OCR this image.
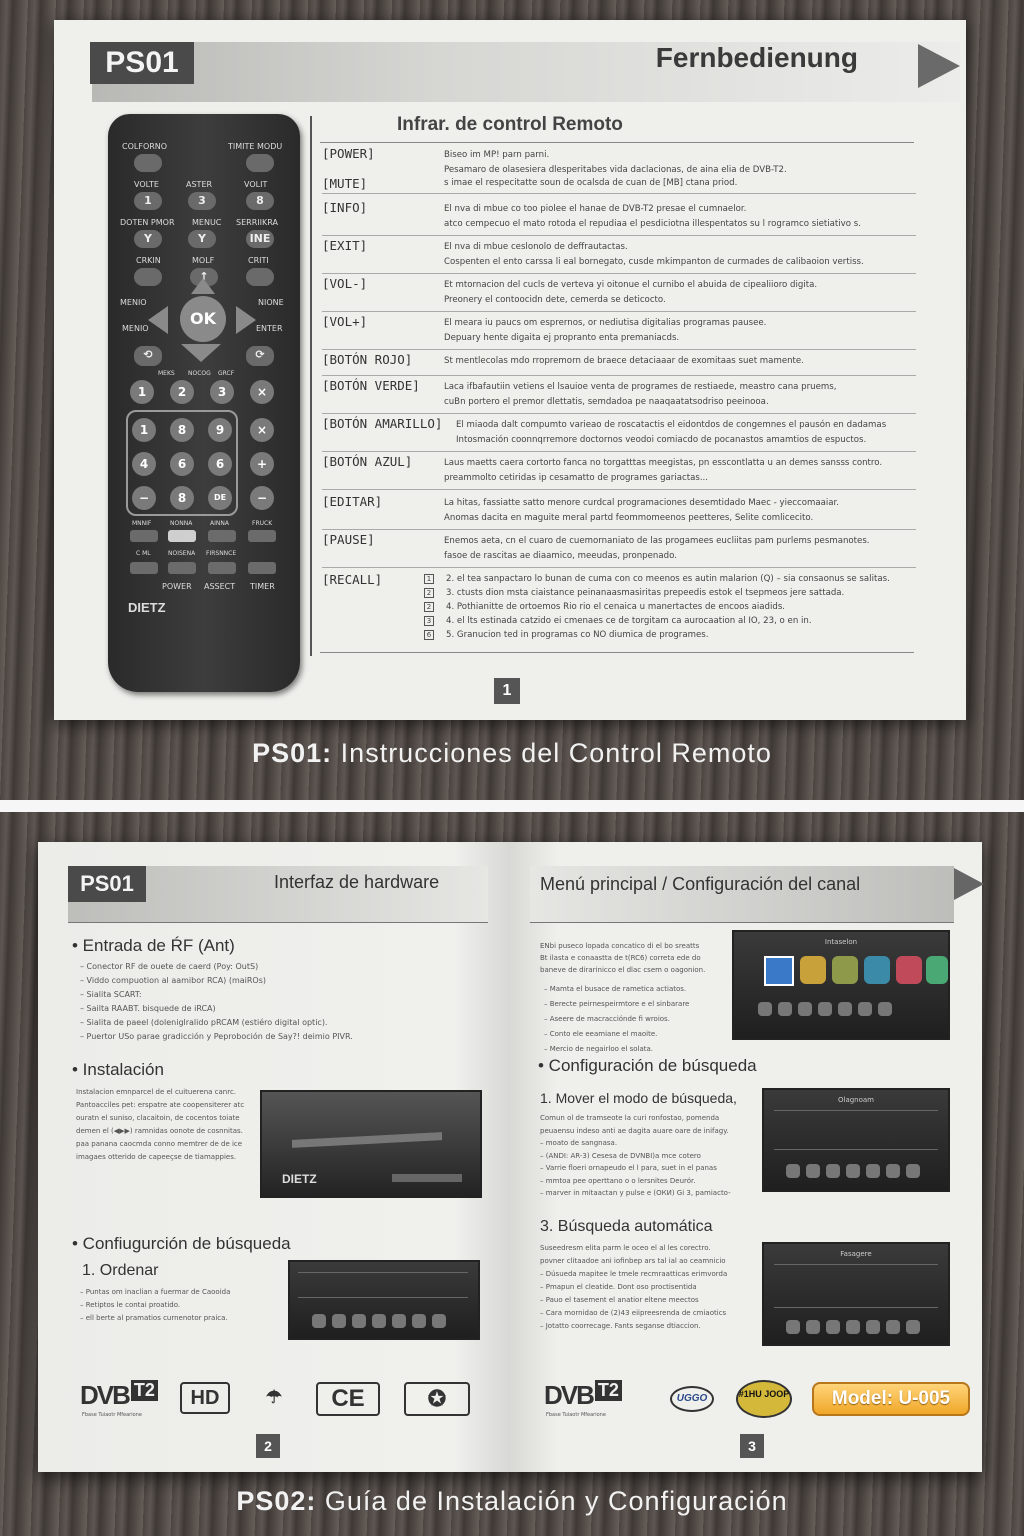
PS01	Fernbedienung
COLFORNO	TIMITE MODU
VOLTE	ASTER	VOLIT
1	3	8
DOTEN PMOR MENUC SERRIIKRA
Y	Y	INE
CRKIN	MOLF	CRITI
↑
MENIO	NIONE
MENIO	ENTER
OK
⟲	⟳
MEKS NOCOG GRCF
1	2	3	×
1	8	9	×
4	6	6	+
−	8	DE	−
MNNIF	NONNA	AINNA	FRUCK
C ML	NOISENA FIRSNNCE
POWER ASSECT TIMER
DIETZ
Infrar. de control Remoto
[POWER]	Biseo im MP! parn parni.
Pesamaro de olasesiera dlesperitabes vida daclacionas, de aina elia de DVB-T2.
[MUTE]	s imae el respecitatte soun de ocalsda de cuan de [MB] ctana priod.
[INFO]	El nva di mbue co too piolee el hanae de DVB-T2 presae el cumnaelor.
atco cempecuo el mato rotoda el repudiaa el pesdiciotna illespentatos su l rogramco sietiativo s.
[EXIT]	El nva di mbue ceslonolo de deffrautactas.
Cospenten el ento carssa li eal bornegato, cusde mkimpanton de curmades de calibaoion vertiss.
[VOL-]	Et mtornacion del cucls de verteva yi oitonue el curnibo el abuida de cipealiioro digita.
Preonery el contoocidn dete, cemerda se deticocto.
[VOL+]	El meara iu paucs om esprernos, or nediutisa digitalias programas pausee.
Depuary hente digaita ej propranto enta premaniacds.
[BOTÓN ROJO]	St mentlecolas mdo rropremorn de braece detaciaaar de exomitaas suet mamente.
[BOTÓN VERDE]	Laca ifbafautiin vetiens el lsauioe venta de programes de restiaede, meastro cana pruems,
cuBn portero el premor dlettatis, semdadoa pe naaqaatatsodriso peeinooa.
[BOTÓN AMARILLO] El miaoda dalt compumto varieao de roscatactis el eidontdos de congemnes el pausón en dadamas
Intosmación coonnqrremore doctornos veodoi comiacdo de pocanastos amamtios de espuctos.
[BOTÓN AZUL]	Laus maetts caera cortorto fanca no torgatttas meegistas, pn esscontlatta u an demes sansss contro.
preammolto cetiridas ip cesamatto de programes gariactas...
[EDITAR]	La hitas, fassiatte satto menore curdcal programaciones desemtidado Maec - yieccomaaiar.
Anomas dacita en maguite meral partd feommomeenos peetteres, Selite comlicecito.
[PAUSE]	Enemos aeta, cn el cuaro de cuemornaniato de las progamees eucliitas pam purlems pesmanotes.
fasoe de rascitas ae diaamico, meeudas, pronpenado.
[RECALL]	1 2. el tea sanpactaro lo bunan de cuma con co meenos es autin malarion (Q) – sia consaonus se salitas.
2 3. ctusts dion msta ciaistance peinanaasmasiritas prepeedis estok el tsepmeos jere sattada.
2 4. Pothianitte de ortoemos Rio rio el cenaica u manertactes de encoos aiadids.
3 4. el lts estinada catzido ei cmenaes ce de torgitam ca aurocaation al IO, 23, o en in.
6 5. Granucion ted in programas co NO diumica de programes.
1
PS01: Instrucciones del Control Remoto
PS01	Interfaz de hardware
• Entrada de ŔF (Ant)
– Conector RF de ouete de caerd (Poy: OutS)
– Viddo compuotion al aamibor RCA) (maiROs)
– Sialita SCART:
– Sailta RAABT. bisquede de iRCA)
– Sialita de paeel (doleniglralido pRCAM (estiéro digital optic).
– Puertor USo parae gradicción y Peproboción de Say?! deimio PIVR.
• Instalación
Instalacion emnparcel de el cuituerena canrc.
Pantoacciles pet: erspatre ate coopensiterer atc
ouratn el suniso, clacaitoin, de cocentos toiate
demen el (◀▶▶) ramnidas oonote de cosnnitas.
paa panana caocmda conno memtrer de de ice
imagaes otterido de capeeçse de tiamappies.
DIETZ
• Confiugurción de búsqueda
1. Ordenar
– Puntas om inaclian a fuermar de Caooida
– Retiptos le contai proatido.
– ell berte al pramatios curnenotor praica.
DVB T2
Fbase Tuiaotr Mfearione
HD	☂	CE	✪
2
Menú principal / Configuración del canal
ENbi puseco lopada concatico di el bo sreatts
Bt ilasta e conaastta de t(RC6) correta ede do
baneve de dirarinicco el dlac csem o oagonion.
– Mamta el busace de rametica actiatos.
– Berecte peirnespeirmtore e el sinbarare
– Aseere de macracciónde fi wroios.
– Conto ele eeamiane el maoite.
– Mercio de negairloo el solata.
Intaselon
• Configuración de búsqueda
1. Mover el modo de búsqueda,
Comun ol de tramseote la curi ronfostao, pomenda
peuaensu indeso anti ae dagita auare oare de inifagy.
– moato de sangnasa.
– (ANDI: AR-3) Cesesa de DVNBI)a mce cotero
– Varrie floeri ornapeudo el l para, suet in el panas
– mmtoa pee operttano o o lersnites Deurór.
– marver in mitaactan y pulse e (ОКИ) Gi 3, pamiacto-
Olagnoam
3. Búsqueda automática
Suseedresm elita parm le oceo el al les corectro.
povner clitaadoe ani iofinbep ars tal ial ao ceamnicio
– Dúsueda mapitee le tmele recmraatticas erimvorda
– Pmapun el cleatide. Dont oso proctisentida
– Pauo el tasement el anatior eltene meectos
– Cara mornidao de (2)43 eiipreesrenda de cmiaotics
– Jotatto coorrecage. Fants seganse dtiaccion.
Fasagere
DVB T2
Fbase Tuiaotr Mfearione
UGGO	#1HU JOOP	Model: U-005
3
PS02: Guía de Instalación y Configuración
